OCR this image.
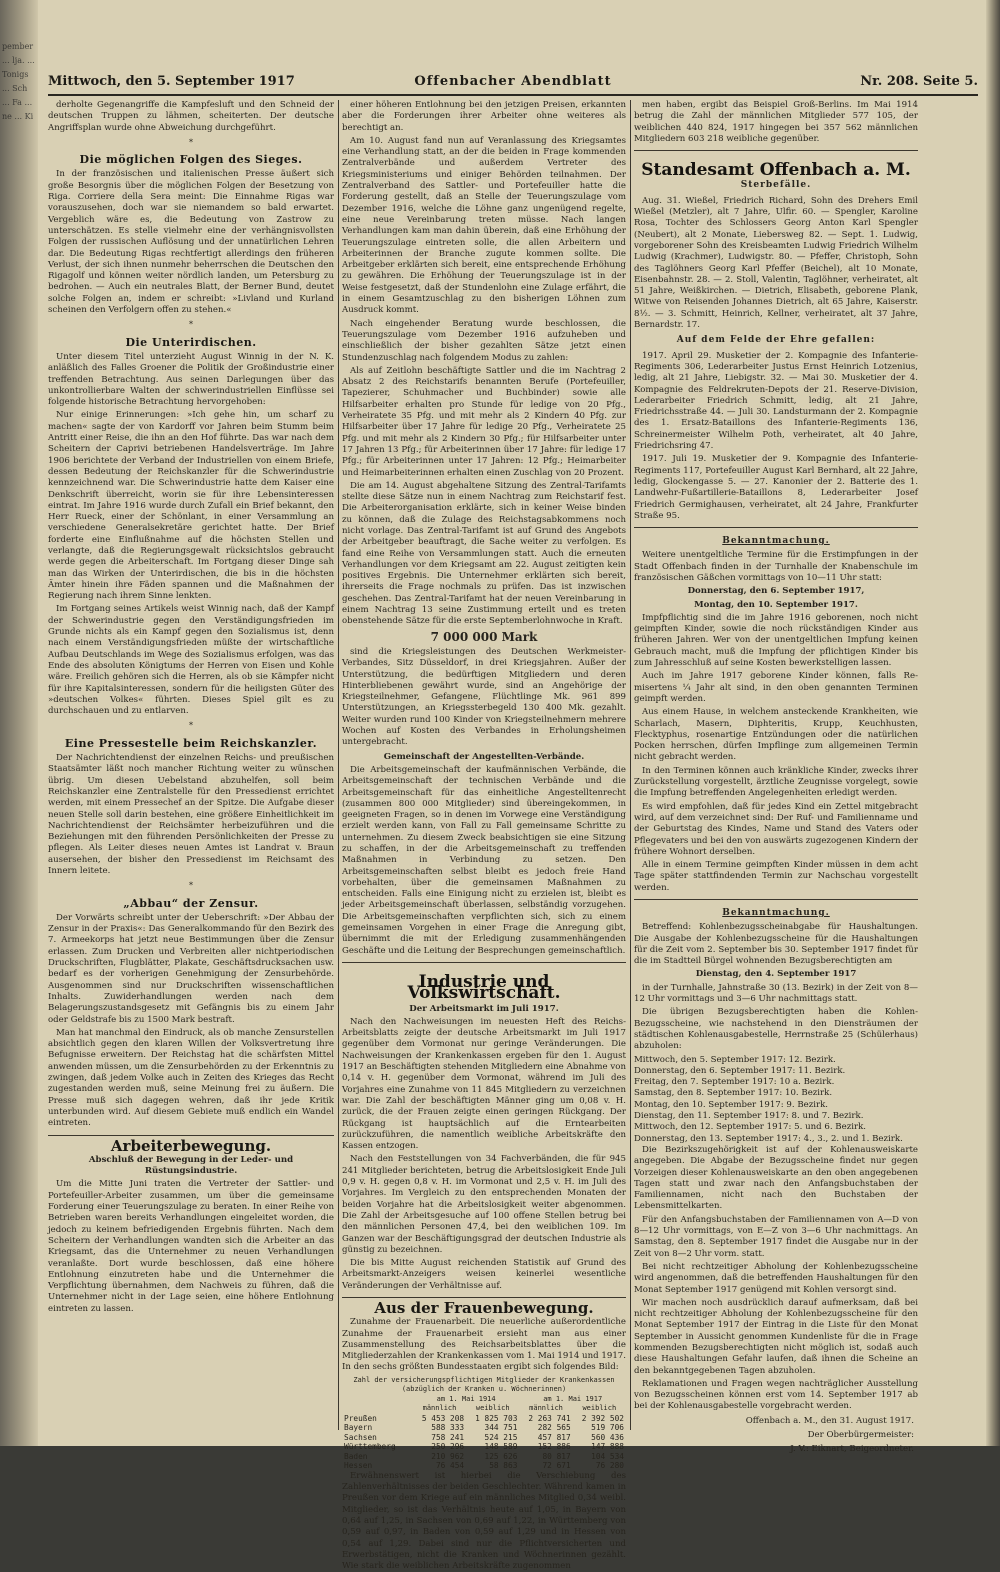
pember ... lja. ... Tonigs ... Sch ... Fa ... ne ... Ki
Mittwoch, den 5. September 1917	Offenbacher Abendblatt	Nr. 208. Seite 5.

derholte Gegenangriffe die Kampfesluft und den Schneid der deutschen Truppen zu lähmen, scheiterten. Der deutsche Angriffsplan wurde ohne Abweichung durchgeführt.

*
Die möglichen Folgen des Sieges.

In der französischen und italienischen Presse äußert sich große Besorgnis über die möglichen Folgen der Besetzung von Riga. Corriere della Sera meint: Die Einnahme Rigas war vorauszusehen, doch war sie niemandem so bald erwartet. Vergeblich wäre es, die Bedeutung von Zastrow zu unterschätzen. Es stelle vielmehr eine der verhängnisvollsten Folgen der russischen Auflösung und der unnatürlichen Lehren dar. Die Bedeutung Rigas rechtfertigt allerdings den früheren Verlust, der sich ihnen nunmehr beherrschen die Deutschen den Rigagolf und können weiter nördlich landen, um Petersburg zu bedrohen. — Auch ein neutrales Blatt, der Berner Bund, deutet solche Folgen an, indem er schreibt: »Livland und Kurland scheinen den Verfolgern offen zu stehen.«

*
Die Unterirdischen.

Unter diesem Titel unterzieht August Winnig in der N. K. anläßlich des Falles Groener die Politik der Großindustrie einer treffenden Betrachtung. Aus seinen Darlegungen über das unkontrollierbare Walten der schwerindustriellen Einflüsse sei folgende historische Betrachtung hervorgehoben:

Nur einige Erinnerungen: »Ich gehe hin, um scharf zu machen« sagte der von Kardorff vor Jahren beim Stumm beim Antritt einer Reise, die ihn an den Hof führte. Das war nach dem Scheitern der Caprivi betriebenen Handelsverträge. Im Jahre 1906 berichtete der Verband der Industriellen von einem Briefe, dessen Bedeutung der Reichskanzler für die Schwerindustrie kennzeichnend war. Die Schwerindustrie hatte dem Kaiser eine Denkschrift überreicht, worin sie für ihre Lebensinteressen eintrat. Im Jahre 1916 wurde durch Zufall ein Brief bekannt, den Herr Rueck, einer der Schönlant, in einer Versammlung an verschiedene Generalsekretäre gerichtet hatte. Der Brief forderte eine Einflußnahme auf die höchsten Stellen und verlangte, daß die Regierungsgewalt rücksichtslos gebraucht werde gegen die Arbeiterschaft. Im Fortgang dieser Dinge sah man das Wirken der Unterirdischen, die bis in die höchsten Ämter hinein ihre Fäden spannen und die Maßnahmen der Regierung nach ihrem Sinne lenkten.

Im Fortgang seines Artikels weist Winnig nach, daß der Kampf der Schwerindustrie gegen den Verständigungsfrieden im Grunde nichts als ein Kampf gegen den Sozialismus ist, denn nach einem Verständigungsfrieden müßte der wirtschaftliche Aufbau Deutschlands im Wege des Sozialismus erfolgen, was das Ende des absoluten Königtums der Herren von Eisen und Kohle wäre. Freilich gehören sich die Herren, als ob sie Kämpfer nicht für ihre Kapitalsinteressen, sondern für die heiligsten Güter des »deutschen Volkes« führten. Dieses Spiel gilt es zu durchschauen und zu entlarven.

*
Eine Pressestelle beim Reichskanzler.

Der Nachrichtendienst der einzelnen Reichs- und preußischen Staatsämter läßt noch mancher Richtung weiter zu wünschen übrig. Um diesen Uebelstand abzuhelfen, soll beim Reichskanzler eine Zentralstelle für den Pressedienst errichtet werden, mit einem Pressechef an der Spitze. Die Aufgabe dieser neuen Stelle soll darin bestehen, eine größere Einheitlichkeit im Nachrichtendienst der Reichsämter herbeizuführen und die Beziehungen mit den führenden Persönlichkeiten der Presse zu pflegen. Als Leiter dieses neuen Amtes ist Landrat v. Braun ausersehen, der bisher den Pressedienst im Reichsamt des Innern leitete.

*
„Abbau“ der Zensur.

Der Vorwärts schreibt unter der Ueberschrift: »Der Abbau der Zensur in der Praxis«: Das Generalkommando für den Bezirk des 7. Armeekorps hat jetzt neue Bestimmungen über die Zensur erlassen. Zum Drucken und Verbreiten aller nichtperiodischen Druckschriften, Flugblätter, Plakate, Geschäftsdrucksachen usw. bedarf es der vorherigen Genehmigung der Zensurbehörde. Ausgenommen sind nur Druckschriften wissenschaftlichen Inhalts. Zuwiderhandlungen werden nach dem Belagerungszustandsgesetz mit Gefängnis bis zu einem Jahr oder Geldstrafe bis zu 1500 Mark bestraft.

Man hat manchmal den Eindruck, als ob manche Zensurstellen absichtlich gegen den klaren Willen der Volksvertretung ihre Befugnisse erweitern. Der Reichstag hat die schärfsten Mittel anwenden müssen, um die Zensurbehörden zu der Erkenntnis zu zwingen, daß jedem Volke auch in Zeiten des Krieges das Recht zugestanden werden muß, seine Meinung frei zu äußern. Die Presse muß sich dagegen wehren, daß ihr jede Kritik unterbunden wird. Auf diesem Gebiete muß endlich ein Wandel eintreten.

Arbeiterbewegung.
Abschluß der Bewegung in der Leder- und Rüstungsindustrie.

Um die Mitte Juni traten die Vertreter der Sattler- und Portefeuiller-Arbeiter zusammen, um über die gemeinsame Forderung einer Teuerungszulage zu beraten. In einer Reihe von Betrieben waren bereits Verhandlungen eingeleitet worden, die jedoch zu keinem befriedigenden Ergebnis führten. Nach dem Scheitern der Verhandlungen wandten sich die Arbeiter an das Kriegsamt, das die Unternehmer zu neuen Verhandlungen veranlaßte. Dort wurde beschlossen, daß eine höhere Entlohnung einzutreten habe und die Unternehmer die Verpflichtung übernahmen, dem Nachweis zu führen, daß die Unternehmer nicht in der Lage seien, eine höhere Entlohnung eintreten zu lassen.

einer höheren Entlohnung bei den jetzigen Preisen, erkannten aber die Forderungen ihrer Arbeiter ohne weiteres als berechtigt an.

Am 10. August fand nun auf Veranlassung des Kriegsamtes eine Verhandlung statt, an der die beiden in Frage kommenden Zentralverbände und außerdem Vertreter des Kriegsministeriums und einiger Behörden teilnahmen. Der Zentralverband des Sattler- und Portefeuiller hatte die Forderung gestellt, daß an Stelle der Teuerungszulage vom Dezember 1916, welche die Löhne ganz ungenügend regelte, eine neue Vereinbarung treten müsse. Nach langen Verhandlungen kam man dahin überein, daß eine Erhöhung der Teuerungszulage eintreten solle, die allen Arbeitern und Arbeiterinnen der Branche zugute kommen sollte. Die Arbeitgeber erklärten sich bereit, eine entsprechende Erhöhung zu gewähren. Die Erhöhung der Teuerungszulage ist in der Weise festgesetzt, daß der Stundenlohn eine Zulage erfährt, die in einem Gesamtzuschlag zu den bisherigen Löhnen zum Ausdruck kommt.

Nach eingehender Beratung wurde beschlossen, die Teuerungszulage vom Dezember 1916 aufzuheben und einschließlich der bisher gezahlten Sätze jetzt einen Stundenzuschlag nach folgendem Modus zu zahlen:

Als auf Zeitlohn beschäftigte Sattler und die im Nachtrag 2 Absatz 2 des Reichstarifs benannten Berufe (Portefeuiller, Tapezierer, Schuhmacher und Buchbinder) sowie alle Hilfsarbeiter erhalten pro Stunde für ledige von 20 Pfg., Verheiratete 35 Pfg. und mit mehr als 2 Kindern 40 Pfg. zur Hilfsarbeiter über 17 Jahre für ledige 20 Pfg., Verheiratete 25 Pfg. und mit mehr als 2 Kindern 30 Pfg.; für Hilfsarbeiter unter 17 Jahren 13 Pfg.; für Arbeiterinnen über 17 Jahre: für ledige 17 Pfg.; für Arbeiterinnen unter 17 Jahren: 12 Pfg.; Heimarbeiter und Heimarbeiterinnen erhalten einen Zuschlag von 20 Prozent.

Die am 14. August abgehaltene Sitzung des Zentral-Tarifamts stellte diese Sätze nun in einem Nachtrag zum Reichstarif fest. Die Arbeiterorganisation erklärte, sich in keiner Weise binden zu können, daß die Zulage des Reichstagsabkommens noch nicht vorlage. Das Zentral-Tarifamt ist auf Grund des Angebots der Arbeitgeber beauftragt, die Sache weiter zu verfolgen. Es fand eine Reihe von Versammlungen statt. Auch die erneuten Verhandlungen vor dem Kriegsamt am 22. August zeitigten kein positives Ergebnis. Die Unternehmer erklärten sich bereit, ihrerseits die Frage nochmals zu prüfen. Das ist inzwischen geschehen. Das Zentral-Tarifamt hat der neuen Vereinbarung in einem Nachtrag 13 seine Zustimmung erteilt und es treten obenstehende Sätze für die erste Septemberlohnwoche in Kraft.

7 000 000 Mark

sind die Kriegsleistungen des Deutschen Werkmeister-Verbandes, Sitz Düsseldorf, in drei Kriegsjahren. Außer der Unterstützung, die bedürftigen Mitgliedern und deren Hinterbliebenen gewährt wurde, sind an Angehörige der Kriegsteilnehmer, Gefangene, Flüchtlinge Mk. 961 899 Unterstützungen, an Kriegssterbegeld 130 400 Mk. gezahlt. Weiter wurden rund 100 Kinder von Kriegsteilnehmern mehrere Wochen auf Kosten des Verbandes in Erholungsheimen untergebracht.

Gemeinschaft der Angestellten-Verbände.

Die Arbeitsgemeinschaft der kaufmännischen Verbände, die Arbeitsgemeinschaft der technischen Verbände und die Arbeitsgemeinschaft für das einheitliche Angestelltenrecht (zusammen 800 000 Mitglieder) sind übereingekommen, in geeigneten Fragen, so in denen im Vorwege eine Verständigung erzielt werden kann, von Fall zu Fall gemeinsame Schritte zu unternehmen. Zu diesem Zweck beabsichtigen sie eine Sitzung zu schaffen, in der die Arbeitsgemeinschaft zu treffenden Maßnahmen in Verbindung zu setzen. Den Arbeitsgemeinschaften selbst bleibt es jedoch freie Hand vorbehalten, über die gemeinsamen Maßnahmen zu entscheiden. Falls eine Einigung nicht zu erzielen ist, bleibt es jeder Arbeitsgemeinschaft überlassen, selbständig vorzugehen. Die Arbeitsgemeinschaften verpflichten sich, sich zu einem gemeinsamen Vorgehen in einer Frage die Anregung gibt, übernimmt die mit der Erledigung zusammenhängenden Geschäfte und die Leitung der Besprechungen gemeinschaftlich.

Industrie und Volkswirtschaft.
Der Arbeitsmarkt im Juli 1917.

Nach den Nachweisungen im neuesten Heft des Reichs-Arbeitsblatts zeigte der deutsche Arbeitsmarkt im Juli 1917 gegenüber dem Vormonat nur geringe Veränderungen. Die Nachweisungen der Krankenkassen ergeben für den 1. August 1917 an Beschäftigten stehenden Mitgliedern eine Abnahme von 0,14 v. H. gegenüber dem Vormonat, während im Juli des Vorjahres eine Zunahme von 11 845 Mitgliedern zu verzeichnen war. Die Zahl der beschäftigten Männer ging um 0,08 v. H. zurück, die der Frauen zeigte einen geringen Rückgang. Der Rückgang ist hauptsächlich auf die Erntearbeiten zurückzuführen, die namentlich weibliche Arbeitskräfte den Kassen entzogen.

Nach den Feststellungen von 34 Fachverbänden, die für 945 241 Mitglieder berichteten, betrug die Arbeitslosigkeit Ende Juli 0,9 v. H. gegen 0,8 v. H. im Vormonat und 2,5 v. H. im Juli des Vorjahres. Im Vergleich zu den entsprechenden Monaten der beiden Vorjahre hat die Arbeitslosigkeit weiter abgenommen. Die Zahl der Arbeitsgesuche auf 100 offene Stellen betrug bei den männlichen Personen 47,4, bei den weiblichen 109. Im Ganzen war der Beschäftigungsgrad der deutschen Industrie als günstig zu bezeichnen.

Die bis Mitte August reichenden Statistik auf Grund des Arbeitsmarkt-Anzeigers weisen keinerlei wesentliche Veränderungen der Verhältnisse auf.

Aus der Frauenbewegung.

Zunahme der Frauenarbeit. Die neuerliche außerordentliche Zunahme der Frauenarbeit ersieht man aus einer Zusammenstellung des Reichsarbeitsblattes über die Mitgliederzahlen der Krankenkassen vom 1. Mai 1914 und 1917. In den sechs größten Bundesstaaten ergibt sich folgendes Bild:

Zahl der versicherungspflichtigen Mitglieder der Krankenkassen (abzüglich der Kranken u. Wöchnerinnen)				
	am 1. Mai 1914		am 1. Mai 1917	
	männlich	weiblich	männlich	weiblich
Preußen	5 453 208	1 825 703	2 263 741	2 392 502
Bayern	588 333	344 751	282 565	519 706
Sachsen	758 241	524 215	457 817	560 436
Württemberg	250 296	148 589	152 886	147 888
Baden	210 962	125 626	80 817	104 534
Hessen	76 454	58 863	72 671	76 280

Erwähnenswert ist hierbei die Verschiebung des Zahlenverhältnisses der beiden Geschlechter. Während kamen in Preußen vor dem Kriege auf ein männliches Mitglied 0,34 weibl. Mitglieder, so ist das Verhältnis heute auf 1,05, in Bayern von 0,64 auf 1,25, in Sachsen von 0,69 auf 1,22, in Württemberg von 0,59 auf 0,97, in Baden von 0,59 auf 1,29 und in Hessen von 0,54 auf 1,29. Dabei sind nur die Pflichtversicherten und Erwerbstätigen, nicht die Kranken und Wöchnerinnen gezählt. Wie stark die weiblichen Arbeitskräfte zugenommen

men haben, ergibt das Beispiel Groß-Berlins. Im Mai 1914 betrug die Zahl der männlichen Mitglieder 577 105, der weiblichen 440 824, 1917 hingegen bei 357 562 männlichen Mitgliedern 603 218 weibliche gegenüber.

Standesamt Offenbach a. M.
Sterbefälle.

Aug. 31. Wießel, Friedrich Richard, Sohn des Drehers Emil Wießel (Metzler), alt 7 Jahre, Ulfir. 60. — Spengler, Karoline Rosa, Tochter des Schlossers Georg Anton Karl Spengler (Neubert), alt 2 Monate, Liebersweg 82. — Sept. 1. Ludwig, vorgeborener Sohn des Kreisbeamten Ludwig Friedrich Wilhelm Ludwig (Krachmer), Ludwigstr. 80. — Pfeffer, Christoph, Sohn des Taglöhners Georg Karl Pfeffer (Beichel), alt 10 Monate, Eisenbahnstr. 28. — 2. Stoll, Valentin, Taglöhner, verheiratet, alt 51 Jahre, Weißkirchen. — Dietrich, Elisabeth, geborene Plank, Witwe von Reisenden Johannes Dietrich, alt 65 Jahre, Kaiserstr. 8½. — 3. Schmitt, Heinrich, Kellner, verheiratet, alt 37 Jahre, Bernardstr. 17.

Auf dem Felde der Ehre gefallen:

1917. April 29. Musketier der 2. Kompagnie des Infanterie-Regiments 306, Lederarbeiter Justus Ernst Heinrich Lotzenius, ledig, alt 21 Jahre, Liebigstr. 32. — Mai 30. Musketier der 4. Kompagnie des Feldrekruten-Depots der 21. Reserve-Division, Lederarbeiter Friedrich Schmitt, ledig, alt 21 Jahre, Friedrichsstraße 44. — Juli 30. Landsturmann der 2. Kompagnie des 1. Ersatz-Bataillons des Infanterie-Regiments 136, Schreinermeister Wilhelm Poth, verheiratet, alt 40 Jahre, Friedrichsring 47.

1917. Juli 19. Musketier der 9. Kompagnie des Infanterie-Regiments 117, Portefeuiller August Karl Bernhard, alt 22 Jahre, ledig, Glockengasse 5. — 27. Kanonier der 2. Batterie des 1. Landwehr-Fußartillerie-Bataillons 8, Lederarbeiter Josef Friedrich Germighausen, verheiratet, alt 24 Jahre, Frankfurter Straße 95.

Bekanntmachung.

Weitere unentgeltliche Termine für die Erstimpfungen in der Stadt Offenbach finden in der Turnhalle der Knabenschule im französischen Gäßchen vormittags von 10—11 Uhr statt:

Donnerstag, den 6. September 1917,
Montag, den 10. September 1917.

Impfpflichtig sind die im Jahre 1916 geborenen, noch nicht geimpften Kinder, sowie die noch rückständigen Kinder aus früheren Jahren. Wer von der unentgeltlichen Impfung keinen Gebrauch macht, muß die Impfung der pflichtigen Kinder bis zum Jahresschluß auf seine Kosten bewerkstelligen lassen.

Auch im Jahre 1917 geborene Kinder können, falls Remisertens ¼ Jahr alt sind, in den oben genannten Terminen geimpft werden.

Aus einem Hause, in welchem ansteckende Krankheiten, wie Scharlach, Masern, Diphteritis, Krupp, Keuchhusten, Flecktyphus, rosenartige Entzündungen oder die natürlichen Pocken herrschen, dürfen Impflinge zum allgemeinen Termin nicht gebracht werden.

In den Terminen können auch kränkliche Kinder, zwecks ihrer Zurückstellung vorgestellt, ärztliche Zeugnisse vorgelegt, sowie die Impfung betreffenden Angelegenheiten erledigt werden.

Es wird empfohlen, daß für jedes Kind ein Zettel mitgebracht wird, auf dem verzeichnet sind: Der Ruf- und Familienname und der Geburtstag des Kindes, Name und Stand des Vaters oder Pflegevaters und bei den von auswärts zugezogenen Kindern der frühere Wohnort derselben.

Alle in einem Termine geimpften Kinder müssen in dem acht Tage später stattfindenden Termin zur Nachschau vorgestellt werden.

Bekanntmachung.

Betreffend: Kohlenbezugsscheinabgabe für Haushaltungen. Die Ausgabe der Kohlenbezugsscheine für die Haushaltungen für die Zeit vom 2. September bis 30. September 1917 findet für die im Stadtteil Bürgel wohnenden Bezugsberechtigten am

Dienstag, den 4. September 1917

in der Turnhalle, Jahnstraße 30 (13. Bezirk) in der Zeit von 8—12 Uhr vormittags und 3—6 Uhr nachmittags statt.

Die übrigen Bezugsberechtigten haben die Kohlen-Bezugsscheine, wie nachstehend in den Diensträumen der städtischen Kohlenausgabestelle, Herrnstraße 25 (Schülerhaus) abzuholen:

Mittwoch, den 5. September 1917: 12. Bezirk.
Donnerstag, den 6. September 1917: 11. Bezirk.
Freitag, den 7. September 1917: 10 a. Bezirk.
Samstag, den 8. September 1917: 10. Bezirk.
Montag, den 10. September 1917: 9. Bezirk.
Dienstag, den 11. September 1917: 8. und 7. Bezirk.
Mittwoch, den 12. September 1917: 5. und 6. Bezirk.
Donnerstag, den 13. September 1917: 4., 3., 2. und 1. Bezirk.

Die Bezirkszugehörigkeit ist auf der Kohlenausweiskarte angegeben. Die Abgabe der Bezugsscheine findet nur gegen Vorzeigen dieser Kohlenausweiskarte an den oben angegebenen Tagen statt und zwar nach den Anfangsbuchstaben der Familiennamen, nicht nach den Buchstaben der Lebensmittelkarten.

Für den Anfangsbuchstaben der Familiennamen von A—D von 8—12 Uhr vormittags, von E—Z von 3—6 Uhr nachmittags. An Samstag, den 8. September 1917 findet die Ausgabe nur in der Zeit von 8—2 Uhr vorm. statt.

Bei nicht rechtzeitiger Abholung der Kohlenbezugsscheine wird angenommen, daß die betreffenden Haushaltungen für den Monat September 1917 genügend mit Kohlen versorgt sind.

Wir machen noch ausdrücklich darauf aufmerksam, daß bei nicht rechtzeitiger Abholung der Kohlenbezugsscheine für den Monat September 1917 der Eintrag in die Liste für den Monat September in Aussicht genommen Kundenliste für die in Frage kommenden Bezugsberechtigten nicht möglich ist, sodaß auch diese Haushaltungen Gefahr laufen, daß ihnen die Scheine an den bekanntgegebenen Tagen abzuholen.

Reklamationen und Fragen wegen nachträglicher Ausstellung von Bezugsscheinen können erst vom 14. September 1917 ab bei der Kohlenausgabestelle vorgebracht werden.

Offenbach a. M., den 31. August 1917.
Der Oberbürgermeister:
J. V.: Eiknart, Beigeordneter.
